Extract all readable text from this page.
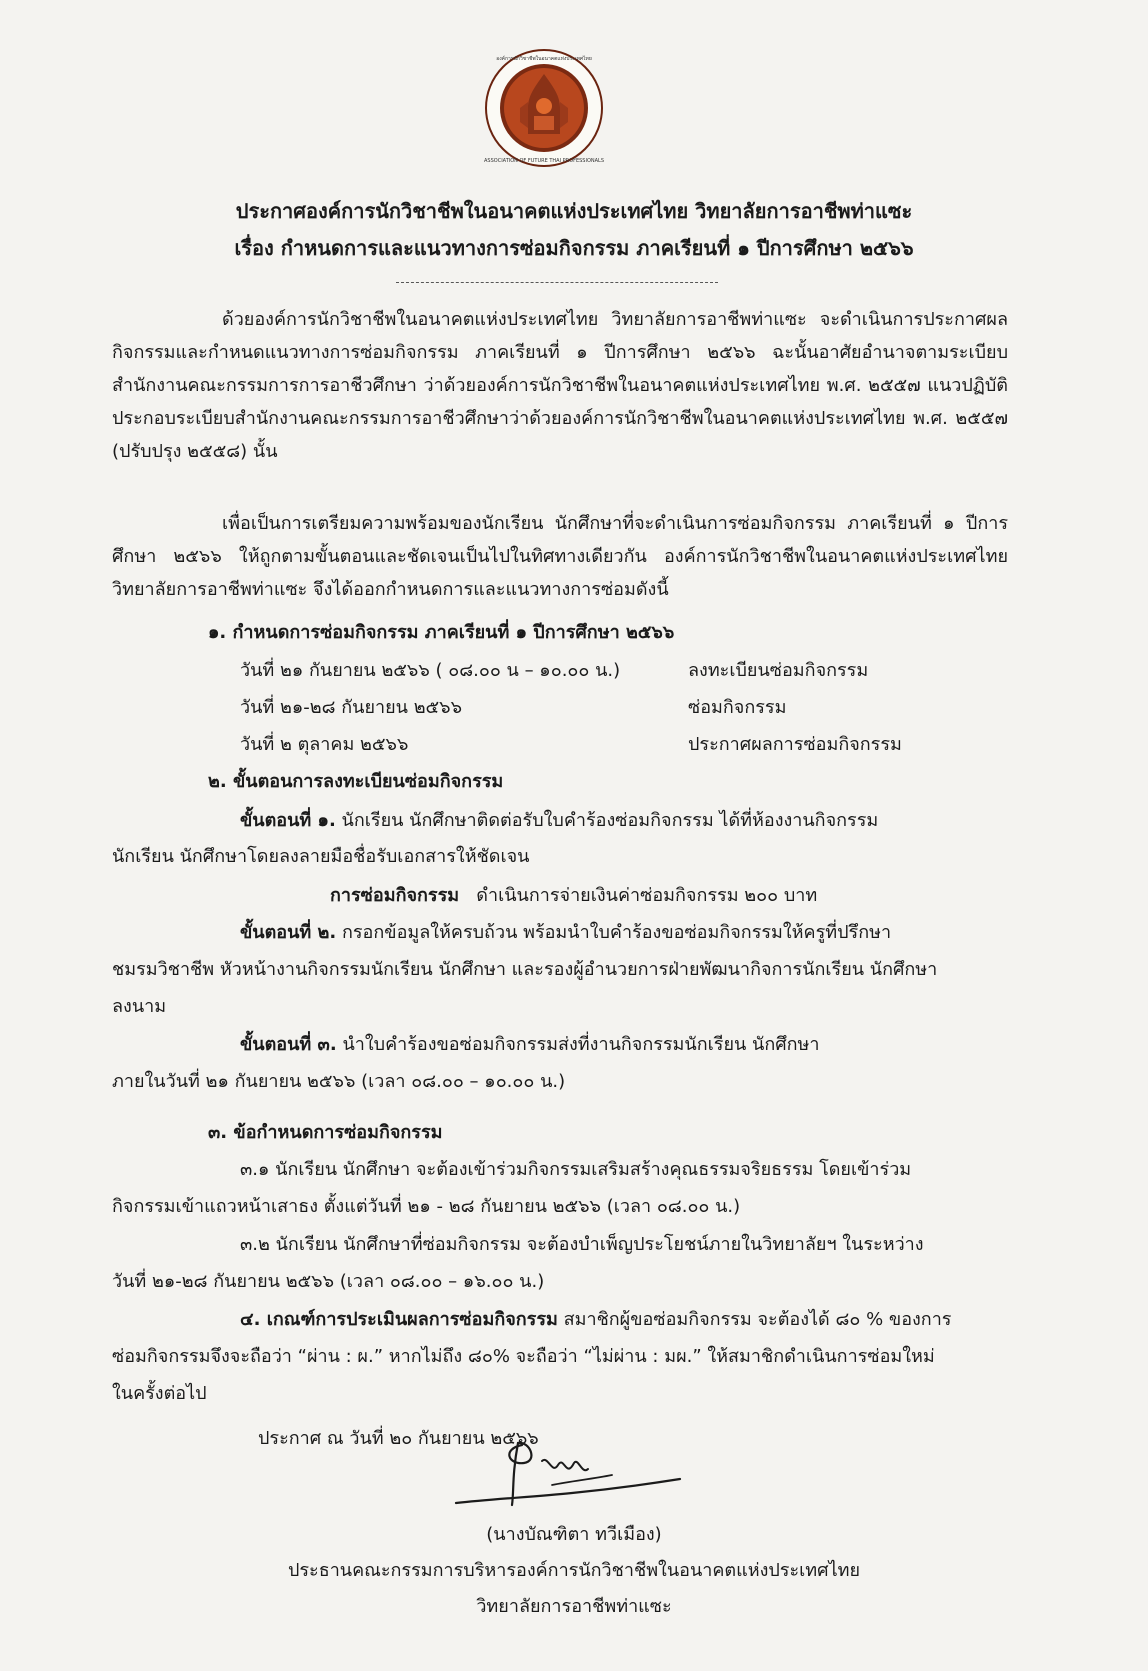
องค์การนักวิชาชีพในอนาคตแห่งประเทศไทย
ASSOCIATION OF FUTURE THAI PROFESSIONALS
ประกาศองค์การนักวิชาชีพในอนาคตแห่งประเทศไทย วิทยาลัยการอาชีพท่าแซะ
เรื่อง กำหนดการและแนวทางการซ่อมกิจกรรม ภาคเรียนที่ ๑ ปีการศึกษา ๒๕๖๖
ด้วยองค์การนักวิชาชีพในอนาคตแห่งประเทศไทย วิทยาลัยการอาชีพท่าแซะ จะดำเนินการประกาศผลกิจกรรมและกำหนดแนวทางการซ่อมกิจกรรม ภาคเรียนที่ ๑ ปีการศึกษา ๒๕๖๖ ฉะนั้นอาศัยอำนาจตามระเบียบสำนักงานคณะกรรมการการอาชีวศึกษา ว่าด้วยองค์การนักวิชาชีพในอนาคตแห่งประเทศไทย พ.ศ. ๒๕๕๗ แนวปฏิบัติประกอบระเบียบสำนักงานคณะกรรมการอาชีวศึกษาว่าด้วยองค์การนักวิชาชีพในอนาคตแห่งประเทศไทย พ.ศ. ๒๕๕๗ (ปรับปรุง ๒๕๕๘) นั้น
เพื่อเป็นการเตรียมความพร้อมของนักเรียน นักศึกษาที่จะดำเนินการซ่อมกิจกรรม ภาคเรียนที่ ๑ ปีการศึกษา ๒๕๖๖ ให้ถูกตามขั้นตอนและชัดเจนเป็นไปในทิศทางเดียวกัน องค์การนักวิชาชีพในอนาคตแห่งประเทศไทย วิทยาลัยการอาชีพท่าแซะ จึงได้ออกกำหนดการและแนวทางการซ่อมดังนี้
๑. กำหนดการซ่อมกิจกรรม ภาคเรียนที่ ๑ ปีการศึกษา ๒๕๖๖
วันที่ ๒๑ กันยายน ๒๕๖๖ ( ๐๘.๐๐ น – ๑๐.๐๐ น.)	ลงทะเบียนซ่อมกิจกรรม
วันที่ ๒๑-๒๘ กันยายน ๒๕๖๖	ซ่อมกิจกรรม
วันที่ ๒ ตุลาคม ๒๕๖๖	ประกาศผลการซ่อมกิจกรรม
๒. ขั้นตอนการลงทะเบียนซ่อมกิจกรรม
ขั้นตอนที่ ๑. นักเรียน นักศึกษาติดต่อรับใบคำร้องซ่อมกิจกรรม ได้ที่ห้องงานกิจกรรม
นักเรียน นักศึกษาโดยลงลายมือชื่อรับเอกสารให้ชัดเจน
การซ่อมกิจกรรม ดำเนินการจ่ายเงินค่าซ่อมกิจกรรม ๒๐๐ บาท
ขั้นตอนที่ ๒. กรอกข้อมูลให้ครบถ้วน พร้อมนำใบคำร้องขอซ่อมกิจกรรมให้ครูที่ปรึกษา
ชมรมวิชาชีพ หัวหน้างานกิจกรรมนักเรียน นักศึกษา และรองผู้อำนวยการฝ่ายพัฒนากิจการนักเรียน นักศึกษา
ลงนาม
ขั้นตอนที่ ๓. นำใบคำร้องขอซ่อมกิจกรรมส่งที่งานกิจกรรมนักเรียน นักศึกษา
ภายในวันที่ ๒๑ กันยายน ๒๕๖๖ (เวลา ๐๘.๐๐ – ๑๐.๐๐ น.)
๓. ข้อกำหนดการซ่อมกิจกรรม
๓.๑ นักเรียน นักศึกษา จะต้องเข้าร่วมกิจกรรมเสริมสร้างคุณธรรมจริยธรรม โดยเข้าร่วม
กิจกรรมเข้าแถวหน้าเสาธง ตั้งแต่วันที่ ๒๑ - ๒๘ กันยายน ๒๕๖๖ (เวลา ๐๘.๐๐ น.)
๓.๒ นักเรียน นักศึกษาที่ซ่อมกิจกรรม จะต้องบำเพ็ญประโยชน์ภายในวิทยาลัยฯ ในระหว่าง
วันที่ ๒๑-๒๘ กันยายน ๒๕๖๖ (เวลา ๐๘.๐๐ – ๑๖.๐๐ น.)
๔. เกณฑ์การประเมินผลการซ่อมกิจกรรม สมาชิกผู้ขอซ่อมกิจกรรม จะต้องได้ ๘๐ % ของการ
ซ่อมกิจกรรมจึงจะถือว่า “ผ่าน : ผ.” หากไม่ถึง ๘๐% จะถือว่า “ไม่ผ่าน : มผ.” ให้สมาชิกดำเนินการซ่อมใหม่
ในครั้งต่อไป
ประกาศ ณ วันที่ ๒๐ กันยายน ๒๕๖๖
(นางบัณฑิตา ทวีเมือง)
ประธานคณะกรรมการบริหารองค์การนักวิชาชีพในอนาคตแห่งประเทศไทย
วิทยาลัยการอาชีพท่าแซะ
